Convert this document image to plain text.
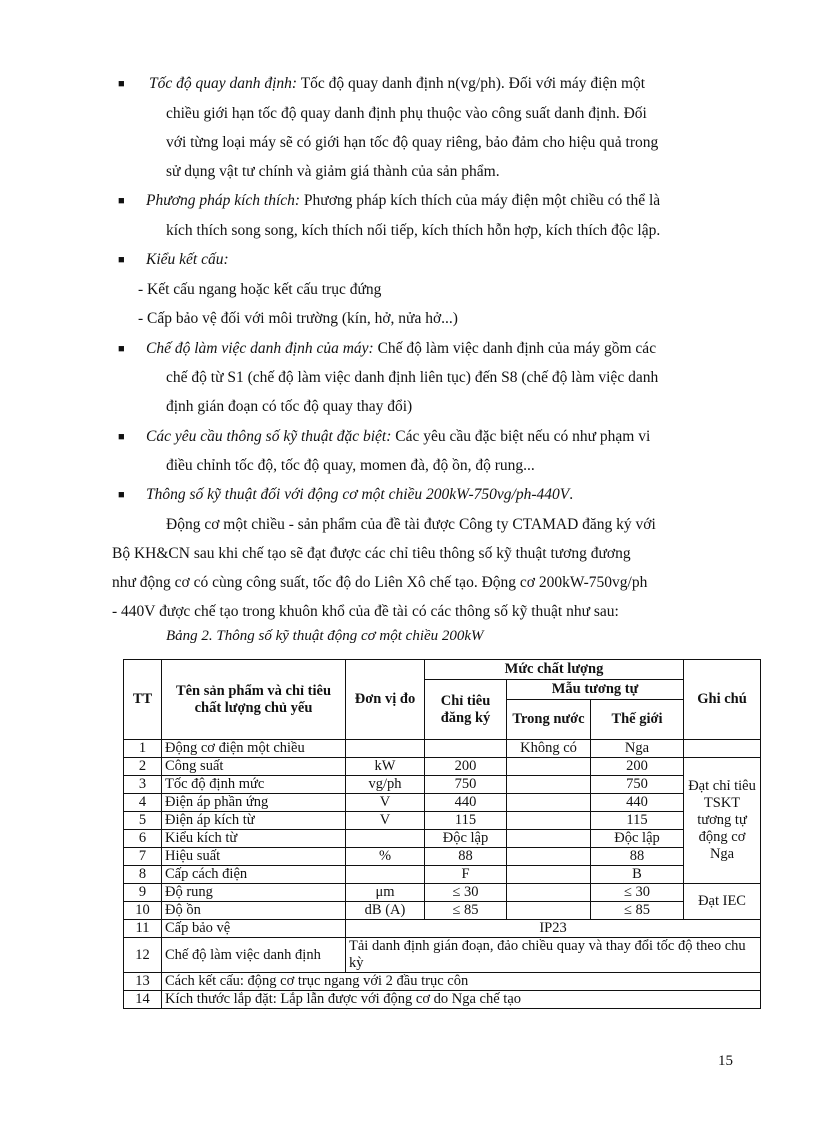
■ Tốc độ quay danh định: Tốc độ quay danh định n(vg/ph). Đối với máy điện một
chiều giới hạn tốc độ quay danh định phụ thuộc vào công suất danh định. Đối
với từng loại máy sẽ có giới hạn tốc độ quay riêng, bảo đảm cho hiệu quả trong
sử dụng vật tư chính và giảm giá thành của sản phẩm.
■ Phương pháp kích thích: Phương pháp kích thích của máy điện một chiều có thể là
kích thích song song, kích thích nối tiếp, kích thích hỗn hợp, kích thích độc lập.
■ Kiểu kết cấu:
- Kết cấu ngang hoặc kết cấu trục đứng
- Cấp bảo vệ đối với môi trường (kín, hở, nửa hở...)
■ Chế độ làm việc danh định của máy: Chế độ làm việc danh định của máy gồm các
chế độ từ S1 (chế độ làm việc danh định liên tục) đến S8 (chế độ làm việc danh
định gián đoạn có tốc độ quay thay đổi)
■ Các yêu cầu thông số kỹ thuật đặc biệt: Các yêu cầu đặc biệt nếu có như phạm vi
điều chỉnh tốc độ, tốc độ quay, momen đà, độ ồn, độ rung...
■ Thông số kỹ thuật đối với động cơ một chiều 200kW-750vg/ph-440V.
Động cơ một chiều - sản phẩm của đề tài được Công ty CTAMAD đăng ký với
Bộ KH&CN sau khi chế tạo sẽ đạt được các chỉ tiêu thông số kỹ thuật tương đương
như động cơ có cùng công suất, tốc độ do Liên Xô chế tạo. Động cơ 200kW-750vg/ph
- 440V được chế tạo trong khuôn khổ của đề tài có các thông số kỹ thuật như sau:
Bảng 2. Thông số kỹ thuật động cơ một chiều 200kW
TT	Tên sản phẩm và chỉ tiêu chất lượng chủ yếu	Đơn vị đo	Mức chất lượng			Ghi chú
			Chỉ tiêu đăng ký	Mẫu tương tự		
				Trong nước	Thế giới	
1	Động cơ điện một chiều			Không có	Nga	
2	Công suất	kW	200		200	Đạt chỉ tiêu TSKT tương tự động cơ Nga
3	Tốc độ định mức	vg/ph	750		750	
4	Điện áp phần ứng	V	440		440	
5	Điện áp kích từ	V	115		115	
6	Kiểu kích từ		Độc lập		Độc lập	
7	Hiệu suất	%	88		88	
8	Cấp cách điện		F		B	
9	Độ rung	μm	≤ 30		≤ 30	Đạt IEC
10	Độ ồn	dB (A)	≤ 85		≤ 85	
11	Cấp bảo vệ	IP23				
12	Chế độ làm việc danh định	Tải danh định gián đoạn, đảo chiều quay và thay đổi tốc độ theo chu kỳ				
13	Cách kết cấu: động cơ trục ngang với 2 đầu trục côn					
14	Kích thước lắp đặt: Lắp lẫn được với động cơ do Nga chế tạo					
15
